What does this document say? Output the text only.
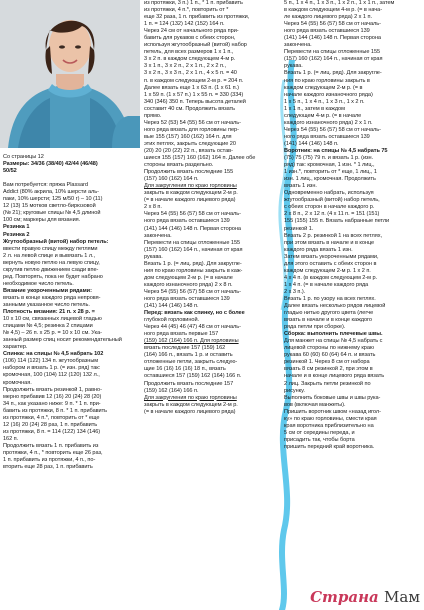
Со страницы 12

Размеры: 34/36 (38/40) 42/44 (46/48)

50/52

Вам потребуется: пряжа Plassard

Addict (80% акрила, 10% шерсти аль-

паки, 10% шерсти; 125 м/50 г) – 10 (11)

12 (13) 15 мотков светло-бирюзовой

(№ 21); круговые спицы № 4,5 длиной

100 см; маркеры для вязания.

Резинка 1

Резинка 2

Жгутообразный (витой) набор петель:

ввести правую спицу между петлями

2 л. на левой спице и вывязать 1 л.,

вернуть новую петлю на левую спицу,

скрутив петлю движением сзади впе-

ред. Повторять, пока не будет набрано

необходимое число петель.

Вязание укороченными рядами:

вязать в конце каждого ряда непровя-

занными указанное число петель.

Плотность вязания: 21 п. х 28 р. =

10 х 10 см, связанных лицевой гладью

спицами № 4,5; резинка 2 спицами

№ 4,5) – 26 п. х 25 р. = 10 х 10 см. Ука-

занный размер спиц носит рекомендательный характер.

Спинка: на спицы № 4,5 набрать 102

(106) 114 (122) 134 п. жгутообразным

набором и вязать 1 р. (= изн. ряд) так:

кромочная, 100 (104) 112 (120) 132 л.,

кромочная.

Продолжить вязать резинкой 1, равно-

мерно прибавив 12 (16) 20 (24) 28 (20)

34 п., как указано ниже: 9 п. * 1 п. при-

бавить из протяжки, 8 п. * 1 п. прибавить

из протяжки, 4 п.*, повторить от * еще

12 (16) 20 (24) 28 раз, 1 п. прибавить

из протяжки, 8 п. = 114 (122) 134 (146)

162 п.

Продолжить вязать 1 п. прибавить из

протяжки, 4 п., * повторить еще 26 раз,

1 п. прибавить из протяжки, 4 п., по-

вторить еще 28 раз, 1 п. прибавить

из протяжки, 3 п.) 1 п., * 1 п. прибавить

из протяжки, 4 п.*, повторить от *

еще 32 раза, 1 п. прибавить из протяжки,

1 п. = 124 (132) 142 (152) 164 п.

Через 24 см от начального ряда при-

бавить для рукавов с обеих сторон,

используя жгутообразный (витой) набор

петель, для всех размеров 1 х 1 п.,

3 х 2 п. в каждом следующем 4-м р.

3 х 1 п., 3 х 2 п., 2 х 1 п., 2 х 2 п.,

3 х 2 п., 3 х 3 п., 2 х 1 п., 4 х 5 п. = 40

п. в каждом следующем 2-м р. = 204 п.

Далее вязать еще 1 х 63 п. (1 х 61 п.)

1 х 59 п. (1 х 57 п.) 1 х 55 п. = 330 (334)

340 (346) 350 п. Теперь высота деталей

составит 40 см. Продолжить вязать

прямо.

Через 52 (53) 54 (55) 56 см от началь-

ного ряда вязать для горловины пер-

вые 155 (157) 160 (162) 164 п. для

этих петлях, закрыть следующие 20

(20) 20 (20 (22) 22 п., вязать остав-

шиеся 155 (157) 160 (162) 164 п. Далее обе

стороны вязать раздельно.

Продолжить вязать последние 155

(157) 160 (162) 164 п.

Для закругления по краю горловины

закрыть в каждом следующем 2-м р.

(= в начале каждого лицевого ряда)

2 х 8 п.

Через 54 (55) 56 (57) 58 см от началь-

ного ряда вязать оставшиеся 139

(141) 144 (146) 148 п. Первая сторона

закончена.

Перевести на спицы отложенные 155

(157) 160 (162) 164 п., начиная от края

рукава.

Вязать 1 р. (= лиц. ряд). Для закругле-

ния по краю горловины закрыть в каж-

дом следующем 2-м р. (= в начале

каждого изнаночного ряда) 2 х 8 п.

Через 54 (55) 56 (57) 58 см от началь-

ного ряда вязать оставшиеся 139

(141) 144 (146) 148 п.

Перед: вязать как спинку, но с более

глубокой горловиной.

Через 44 (45) 46 (47) 48 см от началь-

ного ряда вязать первые 157

(159) 162 (164) 166 п. Для горловины

вязать последние 157 (159) 162

(164) 166 п., вязать 1 р. и оставить

отложенные петли, закрыть следую-

щие 16 (16) 16 (16) 18 п., вязать

оставшиеся 157 (159) 162 (164) 166 п.

Продолжить вязать последние 157

(159) 162 (164) 166 п.

Для закругления по краю горловины

закрыть в каждом следующем 2-м р.

(= в начале каждого лицевого ряда)

5 п., 1 х 4 п., 1 х 3 п., 1 х 2 п., 1 х 1 п., затем

в каждом следующем 4-м р. (= в нача-

ле каждого лицевого ряда) 2 х 1 п.

Через 54 (55) 56 (57) 58 см от началь-

ного ряда вязать оставшиеся 139

(141) 144 (146) 148 п. Первая сторона

закончена.

Перевести на спицы отложенные 155

(157) 160 (162) 164 п., начиная от края

рукава.

Вязать 1 р. (= лиц. ряд). Для закругле-

ния по краю горловины закрыть в

каждом следующем 2-м р. (= в

начале каждого изнаночного ряда)

1 х 5 п., 1 х 4 п., 1 х 3 п., 1 х 2 п.

1 х 1 п., затем в каждом

следующем 4-м р. (= в начале

каждого изнаночного ряда) 2 х 1 п.

Через 54 (55) 56 (57) 58 см от началь-

ного ряда вязать оставшиеся 139

(141) 144 (146) 148 п.

Воротник: на спицы № 4,5 набрать 75

(75) 75 (75) 79 п. и вязать 1 р. (изн.

ряд) так: кромочная, 1 изн. * 1 лиц.,

1 изн.*, повторить от * еще, 1 лиц., 1

изн. 1 лиц., кромочная. Продолжить

вязать 1 изн.

Одновременно набрать, используя

жгутообразный (витой) набор петель,

с обеих сторон в начале каждого р.

2 х 8 п., 2 х 12 п. (4 х 11 п. = 151 (151)

155 (155) 155 п. Вязать набранные петли

резинкой 1.

Вязать 2 р. резинкой 1 на всех петлях,

при этом вязать в начале и в конце

каждого ряда вязать 1 изн.

Затем вязать укороченными рядами,

для этого оставить с обеих сторон в

каждом следующем 2-м р. 1 х 2 п.

4 х 4 п. (в каждом следующем 2-м р.

1 х 4 п. (= в начале каждого ряда

2 х 3 п.).

Вязать 1 р. по узору на всех петлях.

Далее вязать несколько рядов лицевой

гладью нитью другого цвета (легче

вязать в начале и в конце каждого

ряда петли при сборке).

Сборка: выполнить плечевые швы.

Для манжет на спицы № 4,5 набрать с

лицевой стороны по нижнему краю

рукава 60 (60) 60 (64) 64 п. и вязать

резинкой 1. Через 8 см от набора

вязать 8 см резинкой 2, при этом в

начале и в конце лицевого ряда вязать

2 лиц. Закрыть петли резинкой по

рисунку.

Выполнить боковые швы и швы рука-

вов (включая манжеты).

Пришить воротник швом «назад игол-

ку» по краю горловины, смести края

края воротника приблизительно на

5 см от середины переда, и

присадить так, чтобы борта

пришить передний край воротника.

Страна Мам
